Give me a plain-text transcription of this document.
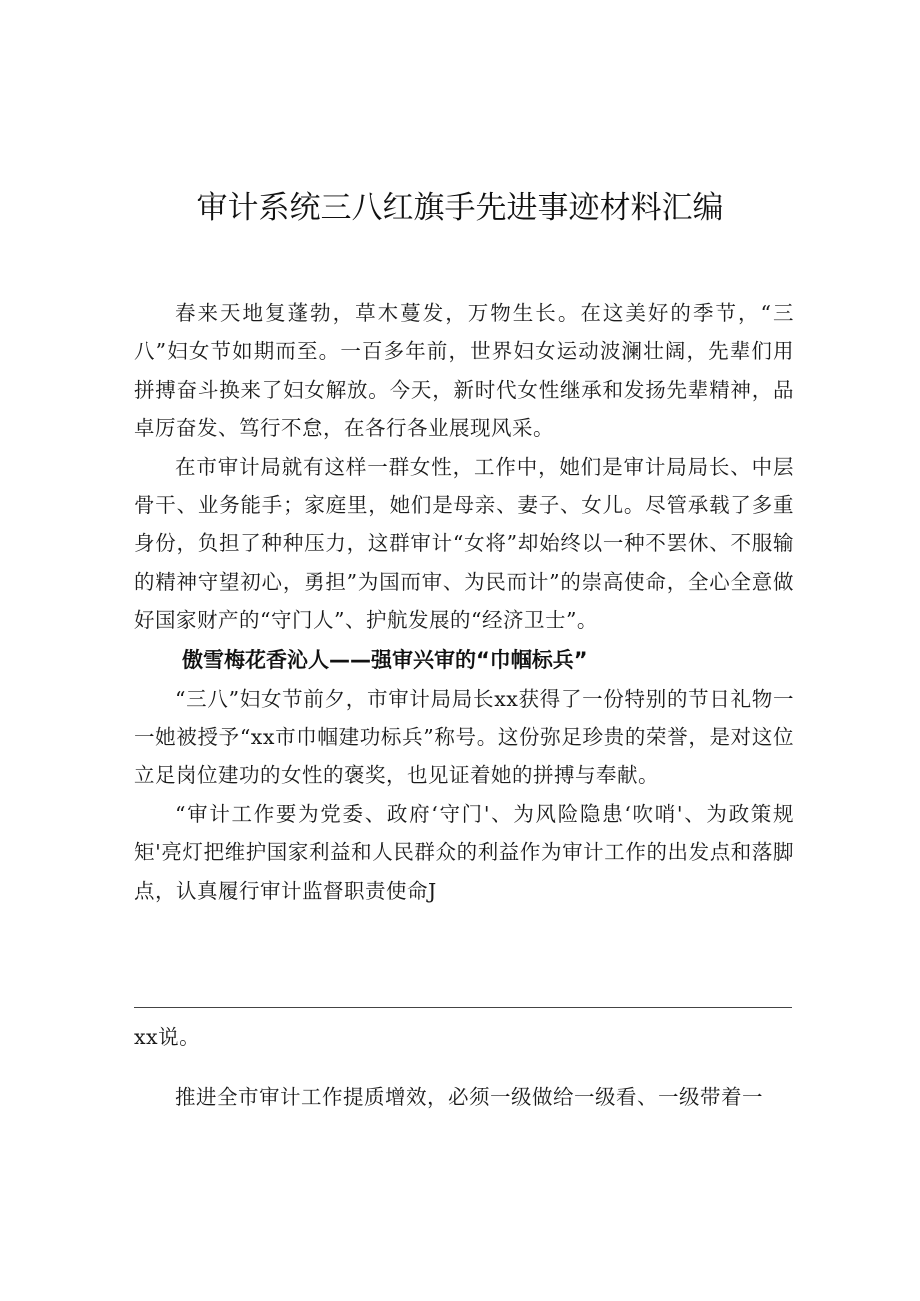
审计系统三八红旗手先进事迹材料汇编

春来天地复蓬勃，草木蔓发，万物生长。在这美好的季节，“三八”妇女节如期而至。一百多年前，世界妇女运动波澜壮阔，先辈们用拼搏奋斗换来了妇女解放。今天，新时代女性继承和发扬先辈精神，品卓厉奋发、笃行不怠，在各行各业展现风采。

在市审计局就有这样一群女性，工作中，她们是审计局局长、中层骨干、业务能手；家庭里，她们是母亲、妻子、女儿。尽管承载了多重身份，负担了种种压力，这群审计“女将”却始终以一种不罢休、不服输的精神守望初心，勇担”为国而审、为民而计”的崇高使命，全心全意做好国家财产的“守门人”、护航发展的“经济卫士”。

傲雪梅花香沁人——强审兴审的“巾帼标兵”

“三八”妇女节前夕，市审计局局长xx获得了一份特别的节日礼物一一她被授予“xx市巾帼建功标兵”称号。这份弥足珍贵的荣誉，是对这位立足岗位建功的女性的褒奖，也见证着她的拼搏与奉献。

“审计工作要为党委、政府‘守门'、为风险隐患‘吹哨'、为政策规矩'亮灯把维护国家利益和人民群众的利益作为审计工作的出发点和落脚点，认真履行审计监督职责使命J

xx说。

推进全市审计工作提质增效，必须一级做给一级看、一级带着一
